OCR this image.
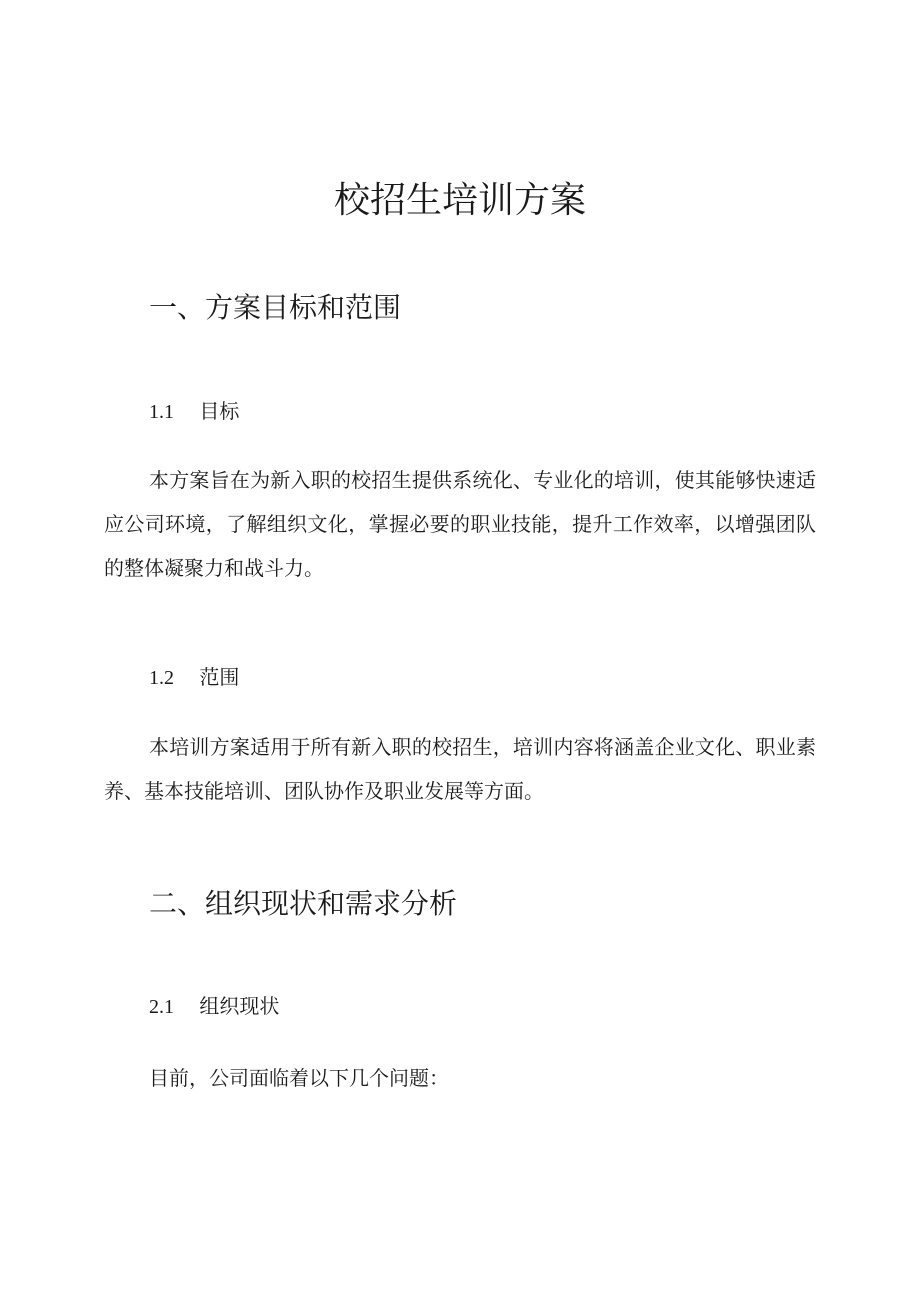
校招生培训方案
一、方案目标和范围
1.1 目标

本方案旨在为新入职的校招生提供系统化、专业化的培训，使其能够快速适应公司环境，了解组织文化，掌握必要的职业技能，提升工作效率，以增强团队的整体凝聚力和战斗力。

1.2 范围

本培训方案适用于所有新入职的校招生，培训内容将涵盖企业文化、职业素养、基本技能培训、团队协作及职业发展等方面。

二、组织现状和需求分析
2.1 组织现状

目前，公司面临着以下几个问题：
